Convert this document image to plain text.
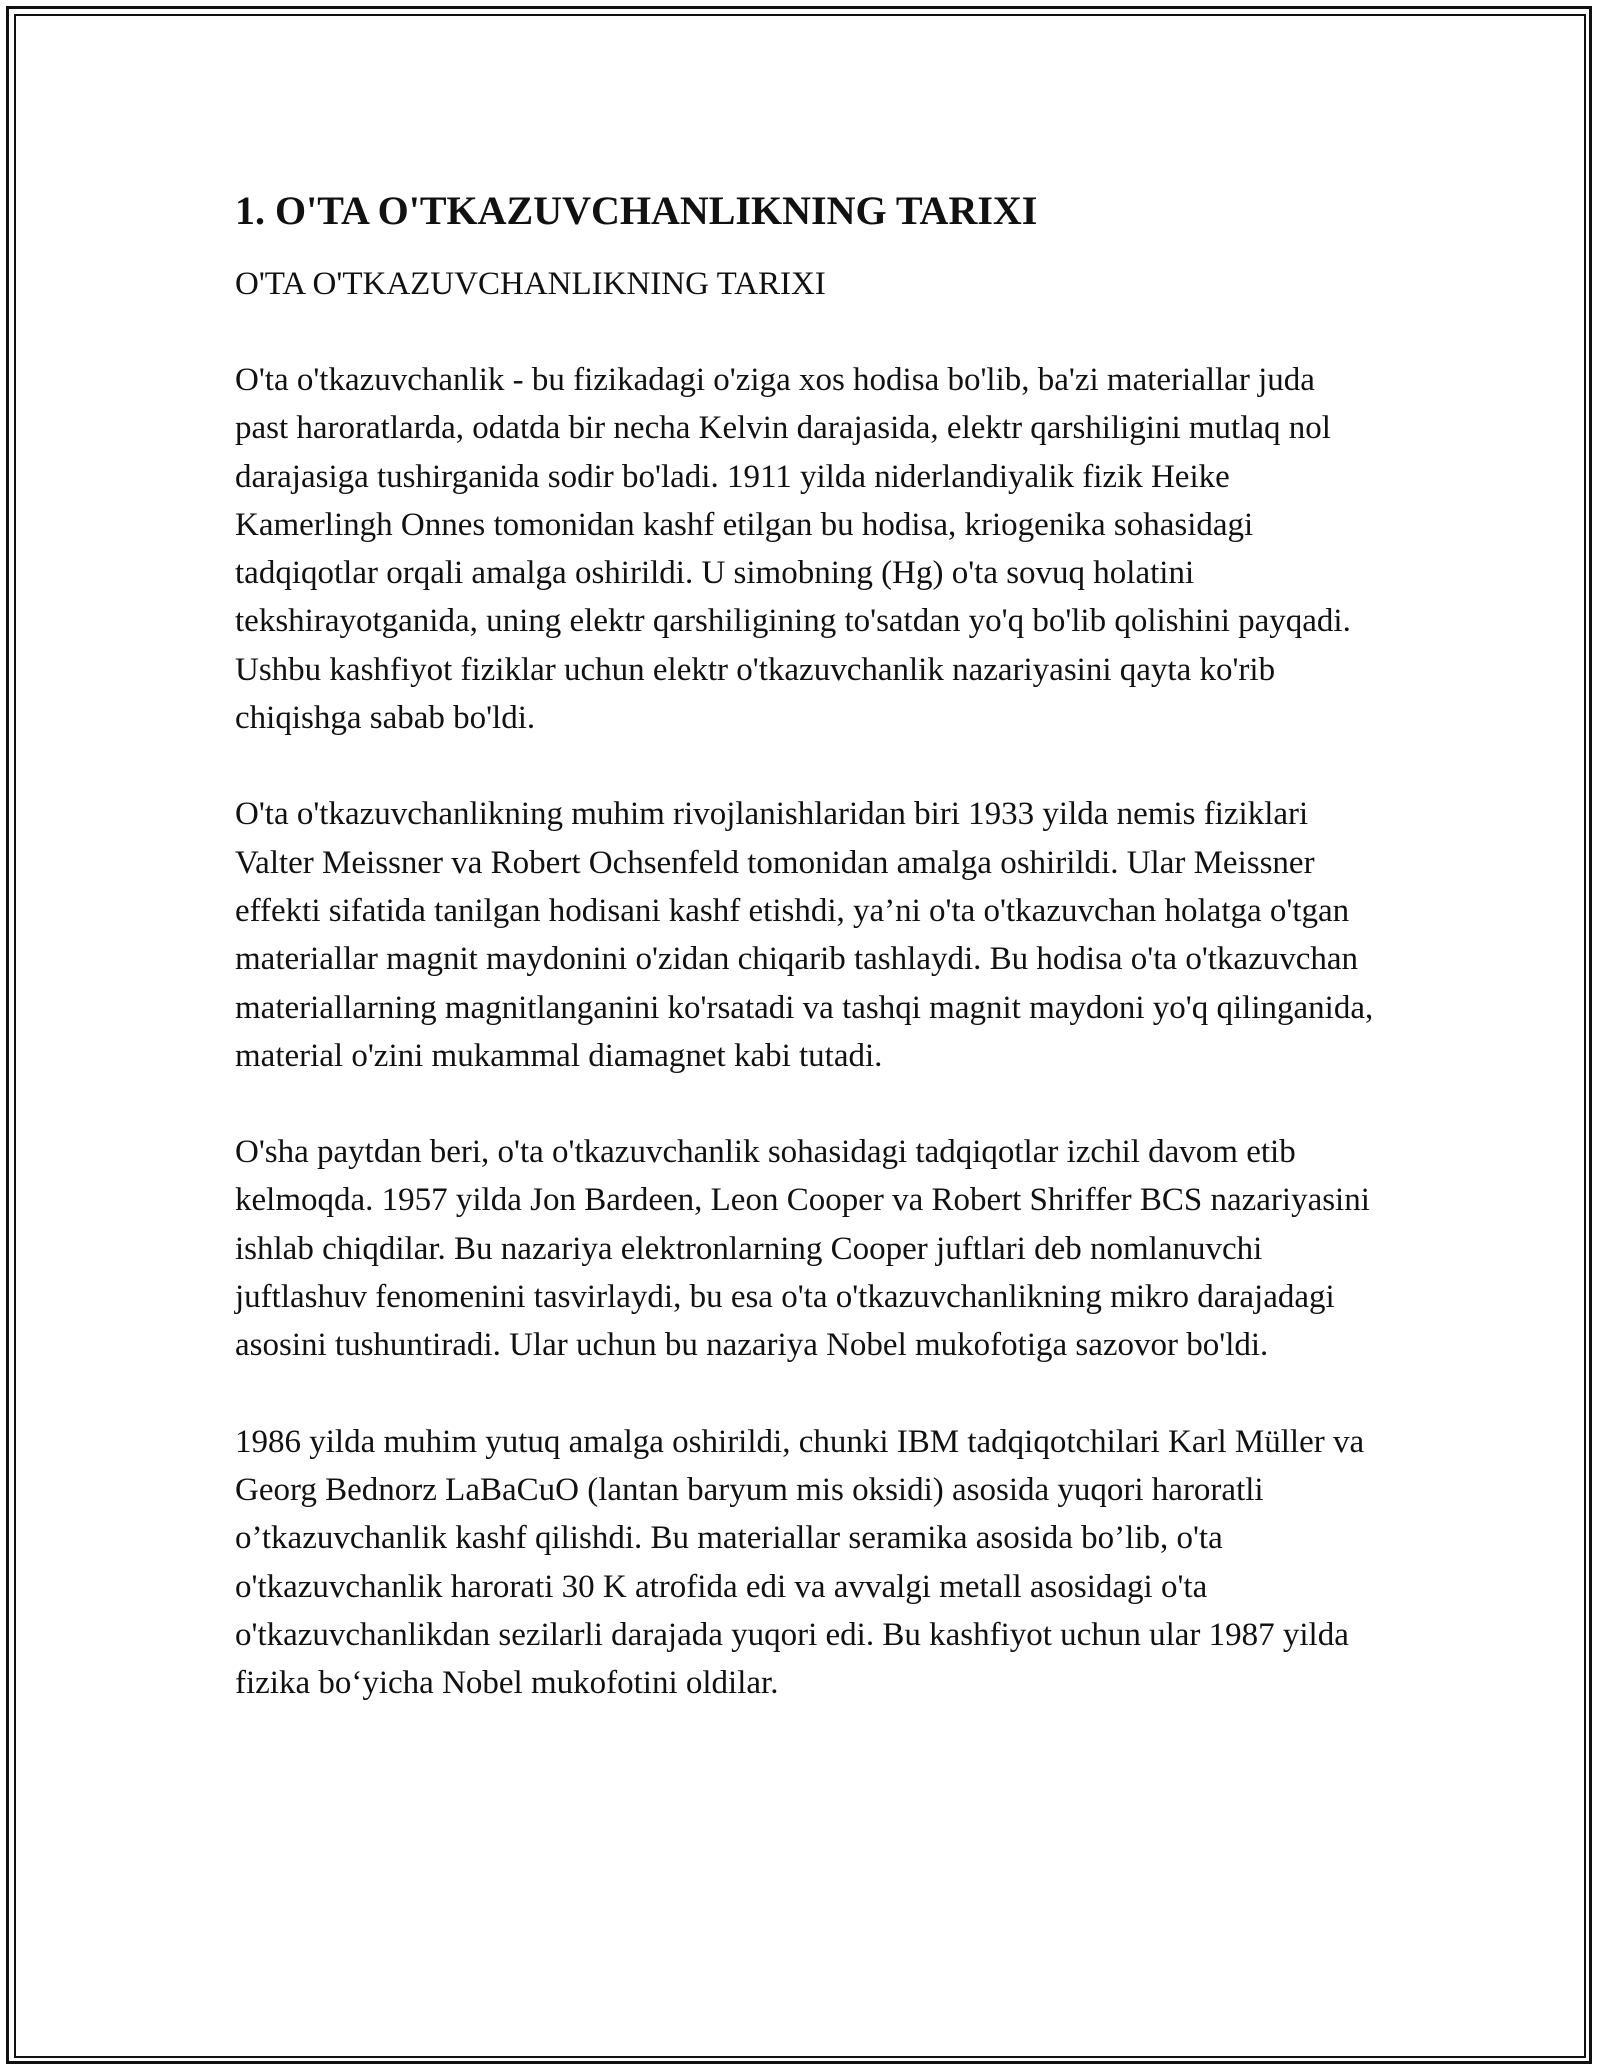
1. O'TA O'TKAZUVCHANLIKNING TARIXI

O'TA O'TKAZUVCHANLIKNING TARIXI

O'ta o'tkazuvchanlik - bu fizikadagi o'ziga xos hodisa bo'lib, ba'zi materiallar juda past haroratlarda, odatda bir necha Kelvin darajasida, elektr qarshiligini mutlaq nol darajasiga tushirganida sodir bo'ladi. 1911 yilda niderlandiyalik fizik Heike Kamerlingh Onnes tomonidan kashf etilgan bu hodisa, kriogenika sohasidagi tadqiqotlar orqali amalga oshirildi. U simobning (Hg) o'ta sovuq holatini tekshirayotganida, uning elektr qarshiligining to'satdan yo'q bo'lib qolishini payqadi. Ushbu kashfiyot fiziklar uchun elektr o'tkazuvchanlik nazariyasini qayta ko'rib chiqishga sabab bo'ldi.

O'ta o'tkazuvchanlikning muhim rivojlanishlaridan biri 1933 yilda nemis fiziklari Valter Meissner va Robert Ochsenfeld tomonidan amalga oshirildi. Ular Meissner effekti sifatida tanilgan hodisani kashf etishdi, ya’ni o'ta o'tkazuvchan holatga o'tgan materiallar magnit maydonini o'zidan chiqarib tashlaydi. Bu hodisa o'ta o'tkazuvchan materiallarning magnitlanganini ko'rsatadi va tashqi magnit maydoni yo'q qilinganida, material o'zini mukammal diamagnet kabi tutadi.

O'sha paytdan beri, o'ta o'tkazuvchanlik sohasidagi tadqiqotlar izchil davom etib kelmoqda. 1957 yilda Jon Bardeen, Leon Cooper va Robert Shriffer BCS nazariyasini ishlab chiqdilar. Bu nazariya elektronlarning Cooper juftlari deb nomlanuvchi juftlashuv fenomenini tasvirlaydi, bu esa o'ta o'tkazuvchanlikning mikro darajadagi asosini tushuntiradi. Ular uchun bu nazariya Nobel mukofotiga sazovor bo'ldi.

1986 yilda muhim yutuq amalga oshirildi, chunki IBM tadqiqotchilari Karl Müller va Georg Bednorz LaBaCuO (lantan baryum mis oksidi) asosida yuqori haroratli o’tkazuvchanlik kashf qilishdi. Bu materiallar seramika asosida bo’lib, o'ta o'tkazuvchanlik harorati 30 K atrofida edi va avvalgi metall asosidagi o'ta o'tkazuvchanlikdan sezilarli darajada yuqori edi. Bu kashfiyot uchun ular 1987 yilda fizika bo‘yicha Nobel mukofotini oldilar.
